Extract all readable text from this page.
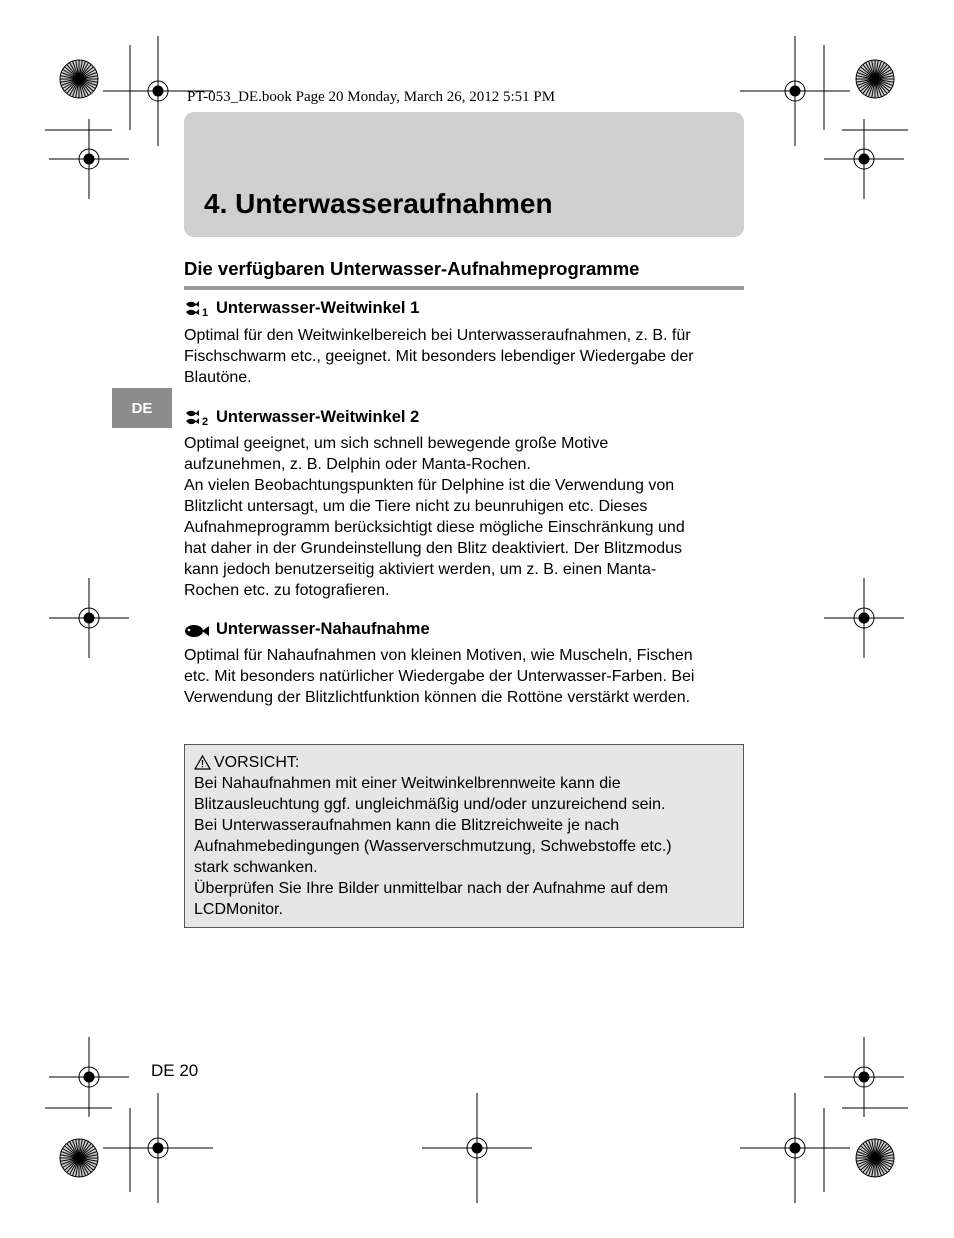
PT-053_DE.book Page 20 Monday, March 26, 2012 5:51 PM
4. Unterwasseraufnahmen
Die verfügbaren Unterwasser-Aufnahmeprogramme
DE
1 Unterwasser-Weitwinkel 1
Optimal für den Weitwinkelbereich bei Unterwasseraufnahmen, z. B. für
Fischschwarm etc., geeignet. Mit besonders lebendiger Wiedergabe der
Blautöne.
2 Unterwasser-Weitwinkel 2
Optimal geeignet, um sich schnell bewegende große Motive
aufzunehmen, z. B. Delphin oder Manta-Rochen.
An vielen Beobachtungspunkten für Delphine ist die Verwendung von
Blitzlicht untersagt, um die Tiere nicht zu beunruhigen etc. Dieses
Aufnahmeprogramm berücksichtigt diese mögliche Einschränkung und
hat daher in der Grundeinstellung den Blitz deaktiviert. Der Blitzmodus
kann jedoch benutzerseitig aktiviert werden, um z. B. einen Manta-
Rochen etc. zu fotografieren.
Unterwasser-Nahaufnahme
Optimal für Nahaufnahmen von kleinen Motiven, wie Muscheln, Fischen
etc. Mit besonders natürlicher Wiedergabe der Unterwasser-Farben. Bei
Verwendung der Blitzlichtfunktion können die Rottöne verstärkt werden.
VORSICHT:
Bei Nahaufnahmen mit einer Weitwinkelbrennweite kann die
Blitzausleuchtung ggf. ungleichmäßig und/oder unzureichend sein.
Bei Unterwasseraufnahmen kann die Blitzreichweite je nach
Aufnahmebedingungen (Wasserverschmutzung, Schwebstoffe etc.)
stark schwanken.
Überprüfen Sie Ihre Bilder unmittelbar nach der Aufnahme auf dem
LCDMonitor.
DE 20
